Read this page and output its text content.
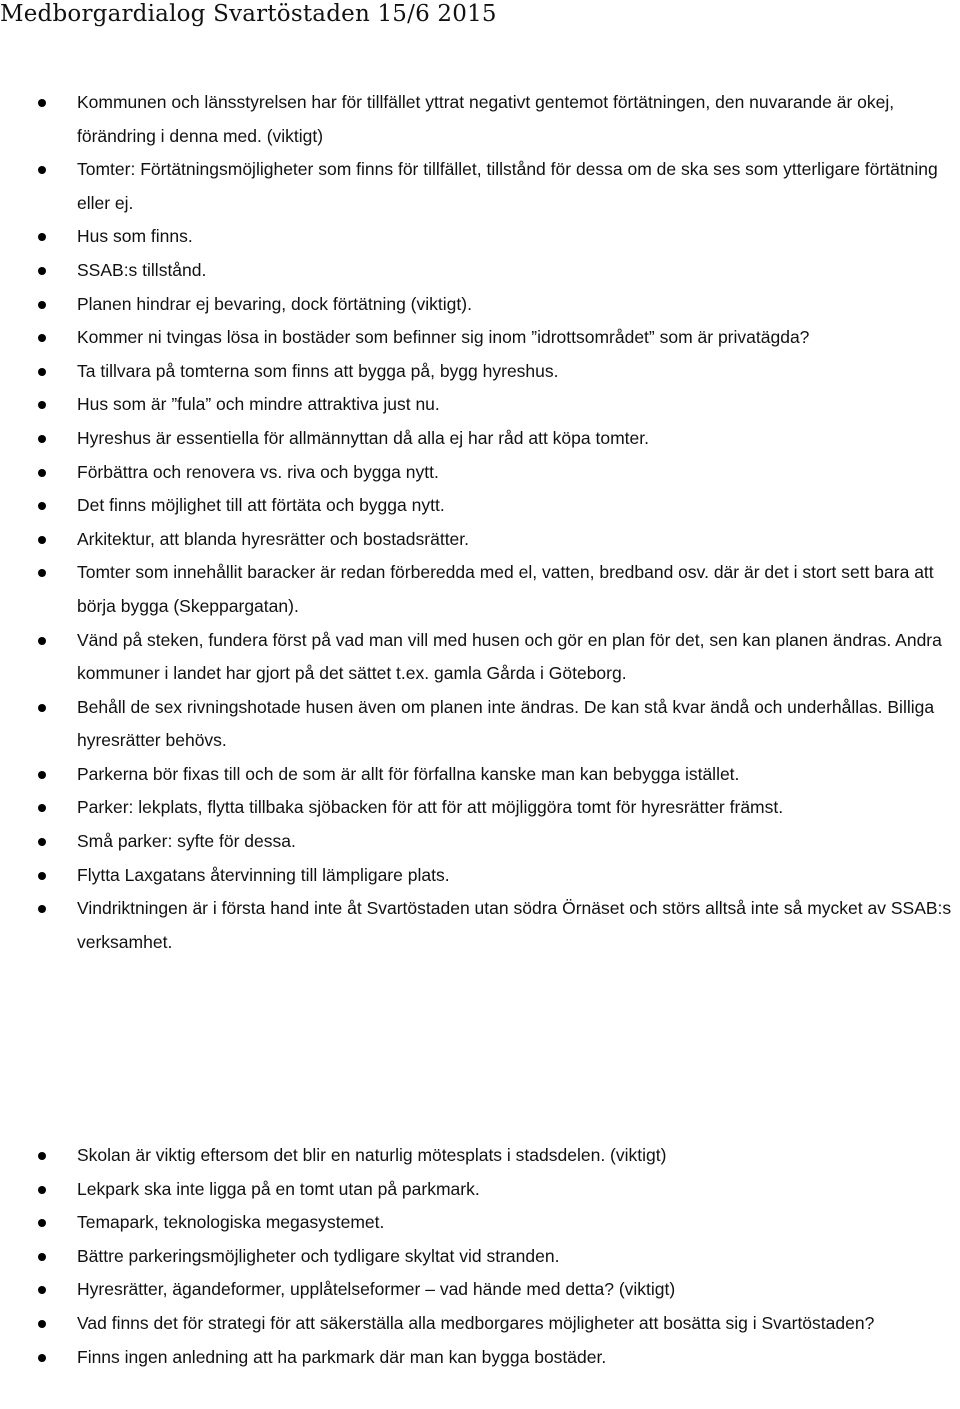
Medborgardialog Svartöstaden 15/6 2015
Kommunen och länsstyrelsen har för tillfället yttrat negativt gentemot förtätningen, den nuvarande är okej, förändring i denna med. (viktigt)
Tomter: Förtätningsmöjligheter som finns för tillfället, tillstånd för dessa om de ska ses som ytterligare förtätning eller ej.
Hus som finns.
SSAB:s tillstånd.
Planen hindrar ej bevaring, dock förtätning (viktigt).
Kommer ni tvingas lösa in bostäder som befinner sig inom ”idrottsområdet” som är privatägda?
Ta tillvara på tomterna som finns att bygga på, bygg hyreshus.
Hus som är ”fula” och mindre attraktiva just nu.
Hyreshus är essentiella för allmännyttan då alla ej har råd att köpa tomter.
Förbättra och renovera vs. riva och bygga nytt.
Det finns möjlighet till att förtäta och bygga nytt.
Arkitektur, att blanda hyresrätter och bostadsrätter.
Tomter som innehållit baracker är redan förberedda med el, vatten, bredband osv. där är det i stort sett bara att börja bygga (Skeppargatan).
Vänd på steken, fundera först på vad man vill med husen och gör en plan för det, sen kan planen ändras. Andra kommuner i landet har gjort på det sättet t.ex. gamla Gårda i Göteborg.
Behåll de sex rivningshotade husen även om planen inte ändras. De kan stå kvar ändå och underhållas. Billiga hyresrätter behövs.
Parkerna bör fixas till och de som är allt för förfallna kanske man kan bebygga istället.
Parker: lekplats, flytta tillbaka sjöbacken för att för att möjliggöra tomt för hyresrätter främst.
Små parker: syfte för dessa.
Flytta Laxgatans återvinning till lämpligare plats.
Vindriktningen är i första hand inte åt Svartöstaden utan södra Örnäset och störs alltså inte så mycket av SSAB:s verksamhet.
Skolan är viktig eftersom det blir en naturlig mötesplats i stadsdelen. (viktigt)
Lekpark ska inte ligga på en tomt utan på parkmark.
Temapark, teknologiska megasystemet.
Bättre parkeringsmöjligheter och tydligare skyltat vid stranden.
Hyresrätter, ägandeformer, upplåtelseformer – vad hände med detta? (viktigt)
Vad finns det för strategi för att säkerställa alla medborgares möjligheter att bosätta sig i Svartöstaden?
Finns ingen anledning att ha parkmark där man kan bygga bostäder.
